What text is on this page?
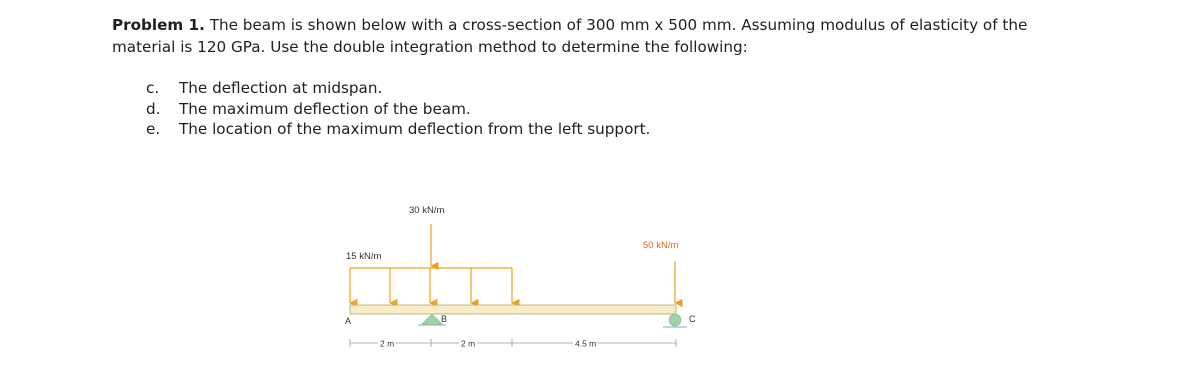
Problem 1. The beam is shown below with a cross-section of 300 mm x 500 mm. Assuming modulus of elasticity of the material is 120 GPa. Use the double integration method to determine the following:
c.	The deflection at midspan.
d.	The maximum deflection of the beam.
e.	The location of the maximum deflection from the left support.
30 kN/m
15 kN/m
50 kN/m
A	B	C
2 m	2 m	4.5 m
